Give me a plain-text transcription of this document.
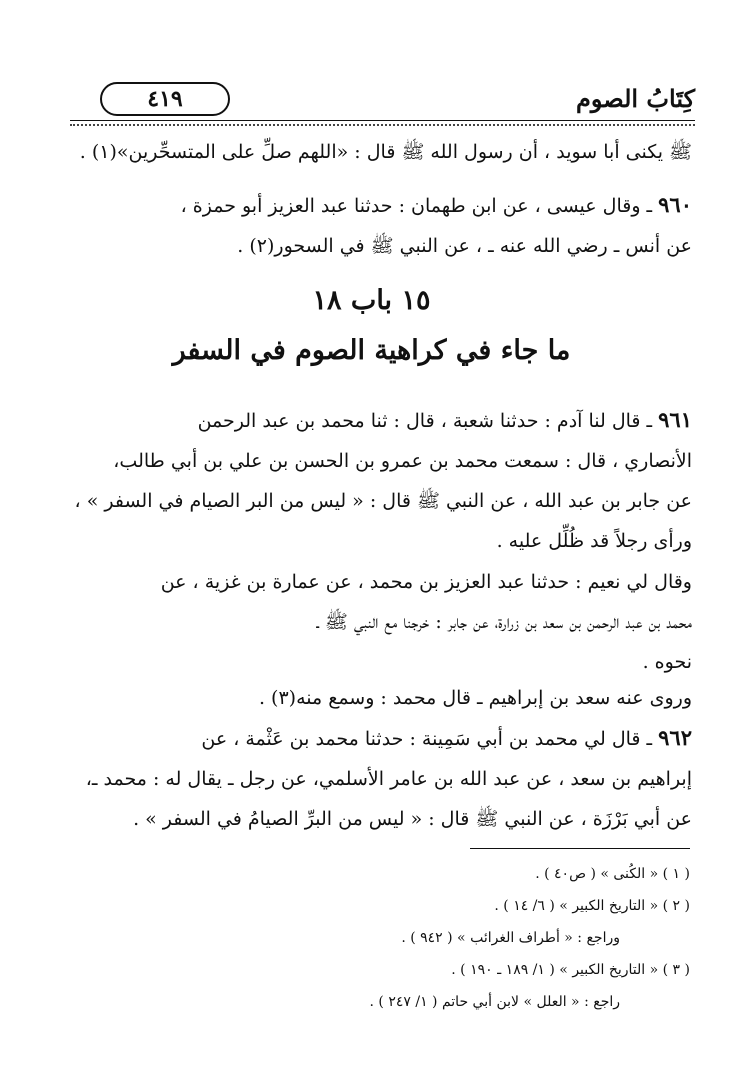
كِتَابُ الصوم
٤١٩
ﷺ يكنى أبا سويد ، أن رسول الله ﷺ قال : «اللهم صلِّ على المتسحِّرين»(١) .
٩٦٠ ـ وقال عيسى ، عن ابن طهمان : حدثنا عبد العزيز أبو حمزة ،
عن أنس ـ رضي الله عنه ـ ، عن النبي ﷺ في السحور(٢) .
١٥ باب ١٨
ما جاء في كراهية الصوم في السفر
٩٦١ ـ قال لنا آدم : حدثنا شعبة ، قال : ثنا محمد بن عبد الرحمن
الأنصاري ، قال : سمعت محمد بن عمرو بن الحسن بن علي بن أبي طالب،
عن جابر بن عبد الله ، عن النبي ﷺ قال : « ليس من البر الصيام في السفر » ،
ورأى رجلاً قد ظُلِّل عليه .
وقال لي نعيم : حدثنا عبد العزيز بن محمد ، عن عمارة بن غزية ، عن
محمد بن عبد الرحمن بن سعد بن زرارة، عن جابر : خرجنا مع النبي ﷺ ـ
نحوه .
وروى عنه سعد بن إبراهيم ـ قال محمد : وسمع منه(٣) .
٩٦٢ ـ قال لي محمد بن أبي سَمِينة : حدثنا محمد بن عَثْمة ، عن
إبراهيم بن سعد ، عن عبد الله بن عامر الأسلمي، عن رجل ـ يقال له : محمد ـ،
عن أبي بَرْزَة ، عن النبي ﷺ قال : « ليس من البرِّ الصيامُ في السفر » .
( ١ ) « الكُنى » ( ص٤٠ ) .
( ٢ ) « التاريخ الكبير » ( ٦/ ١٤ ) .
وراجع : « أطراف الغرائب » ( ٩٤٢ ) .
( ٣ ) « التاريخ الكبير » ( ١/ ١٨٩ ـ ١٩٠ ) .
راجع : « العلل » لابن أبي حاتم ( ١/ ٢٤٧ ) .
